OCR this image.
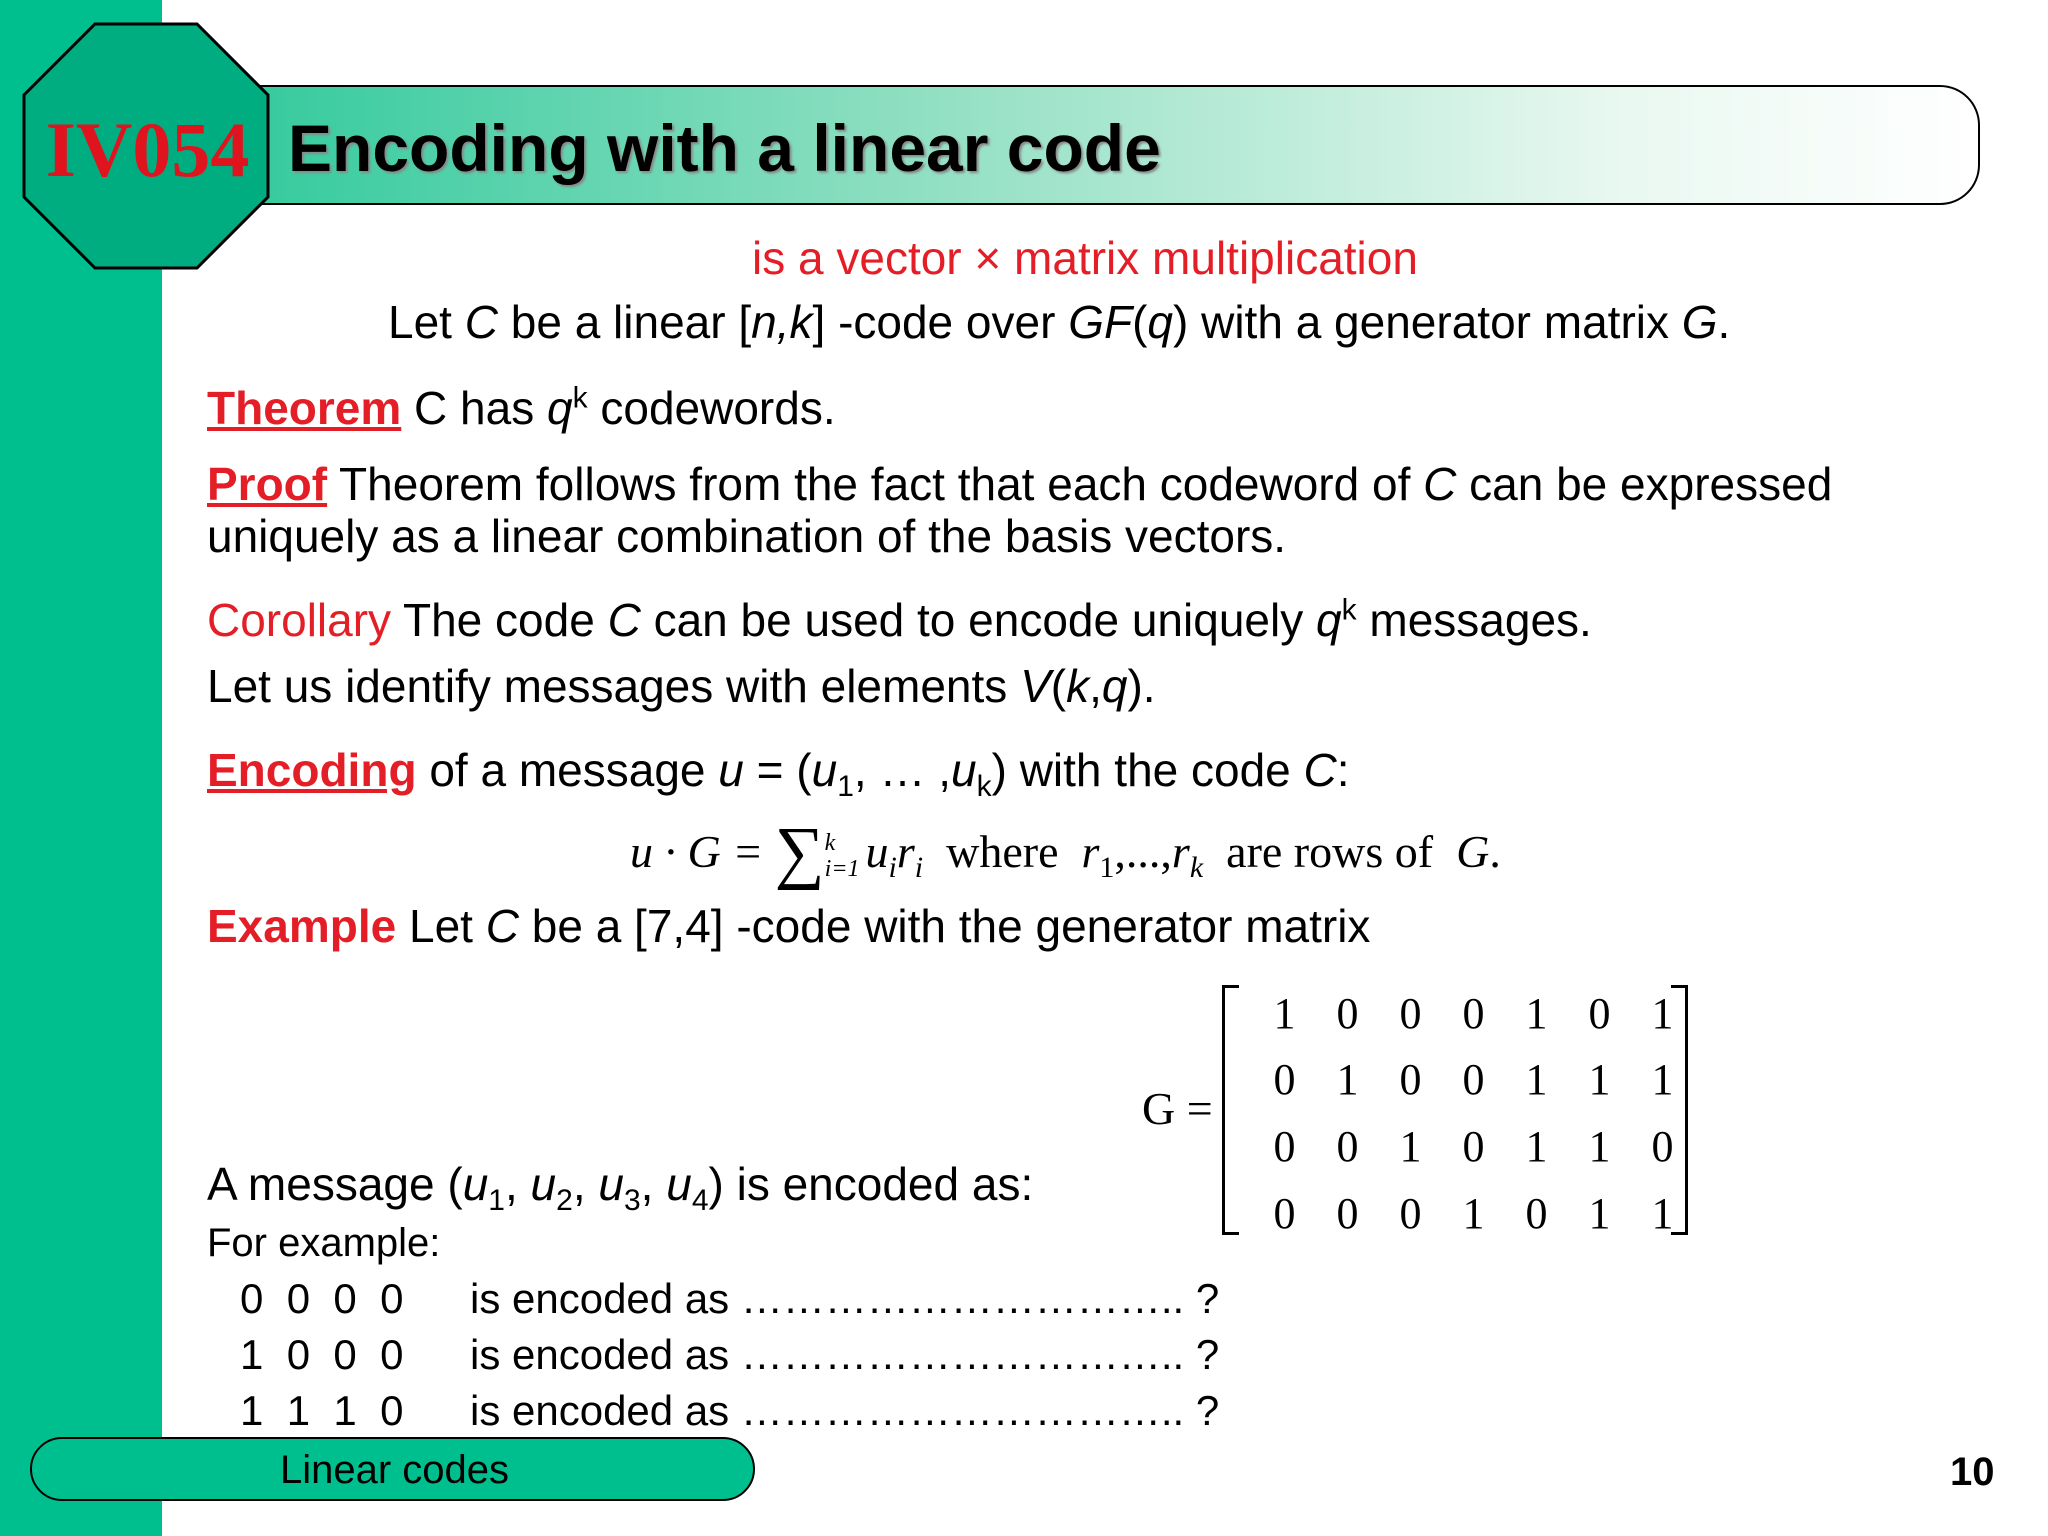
IV054 Encoding with a linear code
is a vector × matrix multiplication
Let C be a linear [n,k] -code over GF(q) with a generator matrix G.
Theorem C has $q^k$ codewords.
Proof Theorem follows from the fact that each codeword of C can be expressed
uniquely as a linear combination of the basis vectors.
Corollary The code C can be used to encode uniquely $q^k$ messages.
Let us identify messages with elements V(k,q).
Encoding of a message $u = (u_1$, … $,u_k$) with the code C:
u · G = ∑k
i=1 $u_ir_i$  where  $r_1,...,r_k$  are rows of  G.
Example Let C be a [7,4] -code with the generator matrix
G =
1 0 0 0 1 0 1
0 1 0 0 1 1 1
0 0 1 0 1 1 0
0 0 0 1 0 1 1
A message ($u_1$, $u_2$, $u_3$, $u_4$) is encoded as:
For example:
0  0  0  0 is encoded as ………………………….. ?
1  0  0  0 is encoded as ………………………….. ?
1  1  1  0 is encoded as ………………………….. ?
Linear codes	10
